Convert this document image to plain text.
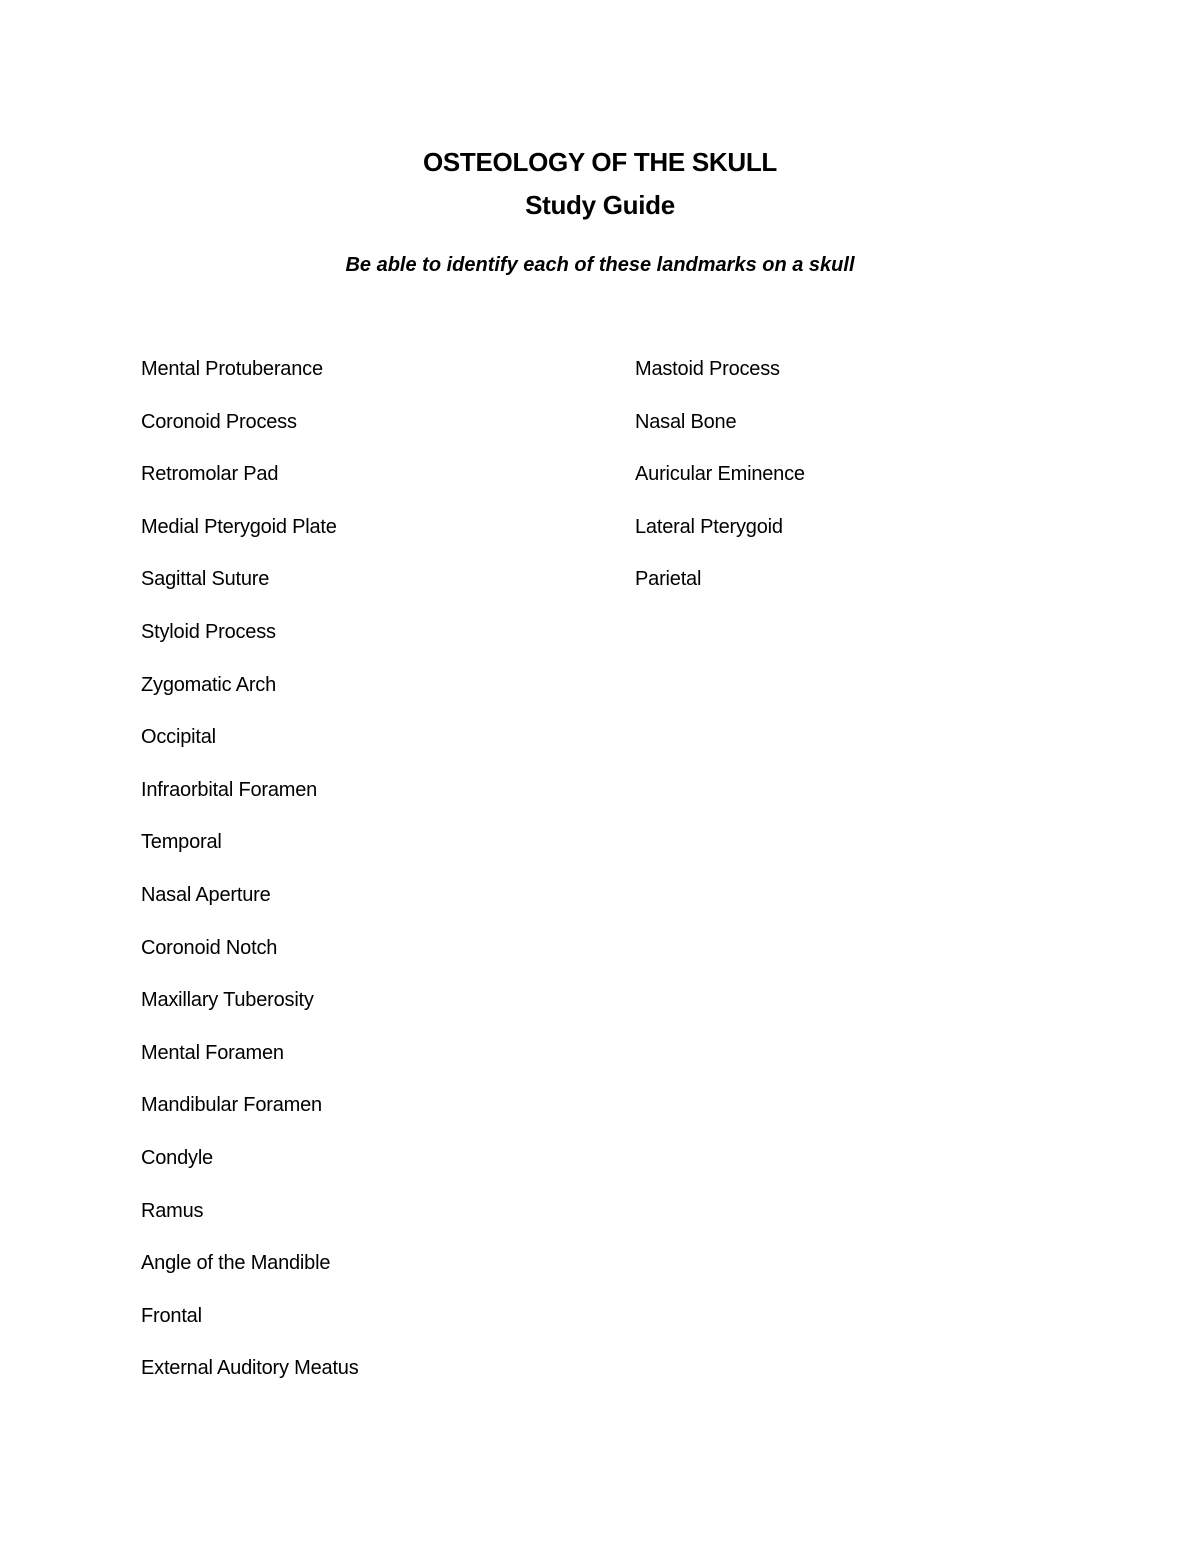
OSTEOLOGY OF THE SKULL
Study Guide

Be able to identify each of these landmarks on a skull

Mental Protuberance
Coronoid Process
Retromolar Pad
Medial Pterygoid Plate
Sagittal Suture
Styloid Process
Zygomatic Arch
Occipital
Infraorbital Foramen
Temporal
Nasal Aperture
Coronoid Notch
Maxillary Tuberosity
Mental Foramen
Mandibular Foramen
Condyle
Ramus
Angle of the Mandible
Frontal
External Auditory Meatus
Mastoid Process
Nasal Bone
Auricular Eminence
Lateral Pterygoid
Parietal
